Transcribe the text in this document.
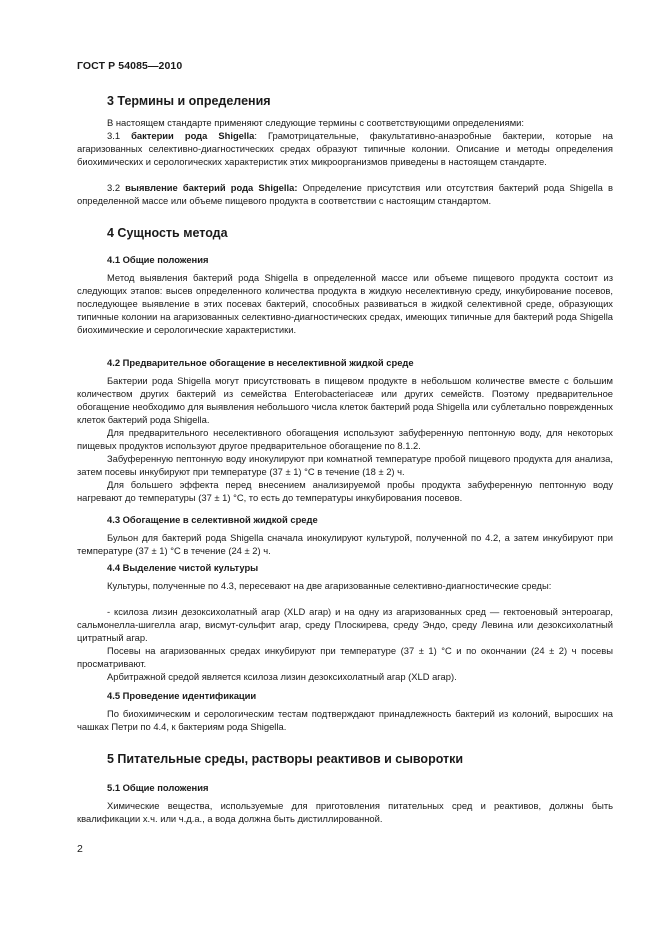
ГОСТ Р 54085—2010
3 Термины и определения
В настоящем стандарте применяют следующие термины с соответствующими определениями:
3.1 бактерии рода Shigella: Грамотрицательные, факультативно-анаэробные бактерии, которые на агаризованных селективно-диагностических средах образуют типичные колонии. Описание и методы определения биохимических и серологических характеристик этих микроорганизмов приведены в настоящем стандарте.
3.2 выявление бактерий рода Shigella: Определение присутствия или отсутствия бактерий рода Shigella в определенной массе или объеме пищевого продукта в соответствии с настоящим стандартом.
4 Сущность метода
4.1 Общие положения
Метод выявления бактерий рода Shigella в определенной массе или объеме пищевого продукта состоит из следующих этапов: высев определенного количества продукта в жидкую неселективную среду, инкубирование посевов, последующее выявление в этих посевах бактерий, способных развиваться в жидкой селективной среде, образующих типичные колонии на агаризованных селективно-диагностических средах, имеющих типичные для бактерий рода Shigella биохимические и серологические характеристики.
4.2 Предварительное обогащение в неселективной жидкой среде
Бактерии рода Shigella могут присутствовать в пищевом продукте в небольшом количестве вместе с большим количеством других бактерий из семейства Enterobacteriaceæ или других семейств. Поэтому предварительное обогащение необходимо для выявления небольшого числа клеток бактерий рода Shigella или сублетально поврежденных клеток бактерий рода Shigella.
Для предварительного неселективного обогащения используют забуференную пептонную воду, для некоторых пищевых продуктов используют другое предварительное обогащение по 8.1.2.
Забуференную пептонную воду инокулируют при комнатной температуре пробой пищевого продукта для анализа, затем посевы инкубируют при температуре (37 ± 1) °С в течение (18 ± 2) ч.
Для большего эффекта перед внесением анализируемой пробы продукта забуференную пептонную воду нагревают до температуры (37 ± 1) °С, то есть до температуры инкубирования посевов.
4.3 Обогащение в селективной жидкой среде
Бульон для бактерий рода Shigella сначала инокулируют культурой, полученной по 4.2, а затем инкубируют при температуре (37 ± 1) °С в течение (24 ± 2) ч.
4.4 Выделение чистой культуры
Культуры, полученные по 4.3, пересевают на две агаризованные селективно-диагностические среды:
- ксилоза лизин дезоксихолатный агар (XLD агар) и на одну из агаризованных сред — гектоеновый энтероагар, сальмонелла-шигелла агар, висмут-сульфит агар, среду Плоскирева, среду Эндо, среду Левина или дезоксихолатный цитратный агар.
Посевы на агаризованных средах инкубируют при температуре (37 ± 1) °С и по окончании (24 ± 2) ч посевы просматривают.
Арбитражной средой является ксилоза лизин дезоксихолатный агар (XLD агар).
4.5 Проведение идентификации
По биохимическим и серологическим тестам подтверждают принадлежность бактерий из колоний, выросших на чашках Петри по 4.4, к бактериям рода Shigella.
5 Питательные среды, растворы реактивов и сыворотки
5.1 Общие положения
Химические вещества, используемые для приготовления питательных сред и реактивов, должны быть квалификации х.ч. или ч.д.а., а вода должна быть дистиллированной.
2
